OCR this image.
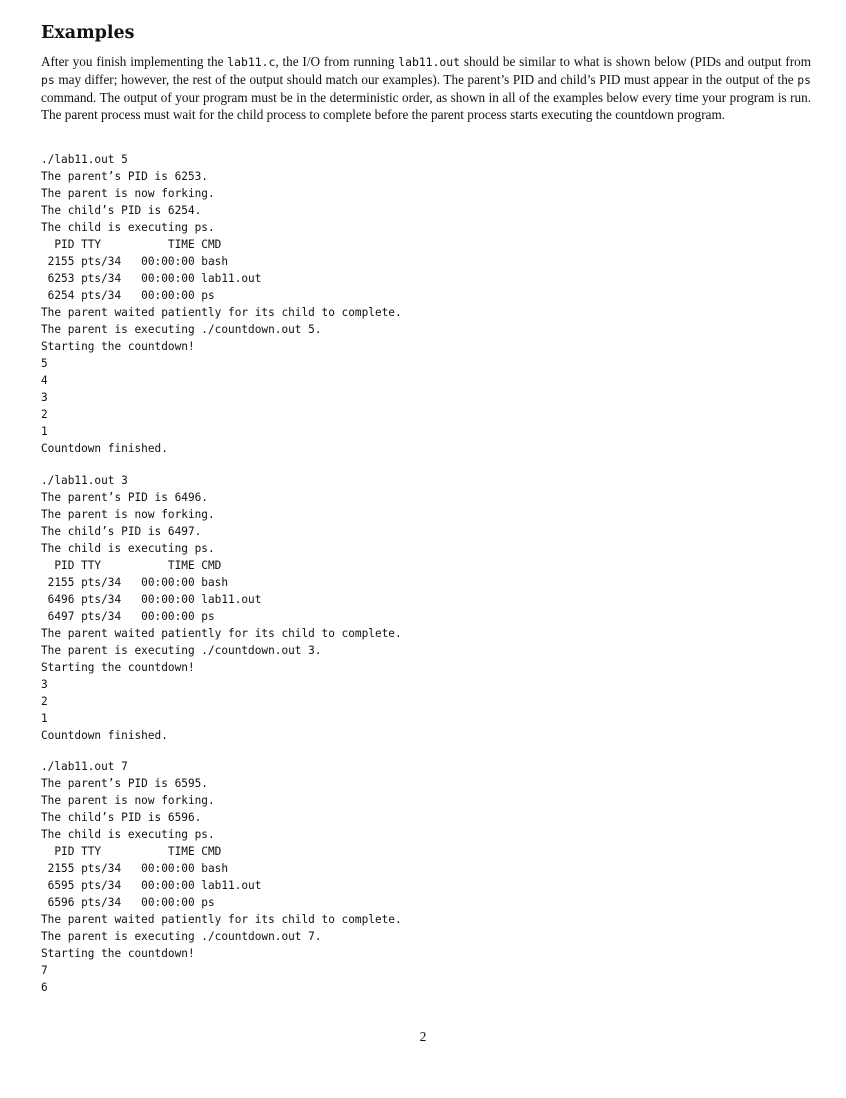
Examples

After you finish implementing the lab11.c, the I/O from running lab11.out should be similar to what is shown below (PIDs and output from ps may differ; however, the rest of the output should match our examples). The parent’s PID and child’s PID must appear in the output of the ps command. The output of your program must be in the deterministic order, as shown in all of the examples below every time your program is run. The parent process must wait for the child process to complete before the parent process starts executing the countdown program.

./lab11.out 5
The parent’s PID is 6253.
The parent is now forking.
The child’s PID is 6254.
The child is executing ps.
PID TTY          TIME CMD
2155 pts/34   00:00:00 bash
6253 pts/34   00:00:00 lab11.out
6254 pts/34   00:00:00 ps
The parent waited patiently for its child to complete.
The parent is executing ./countdown.out 5.
Starting the countdown!
5
4
3
2
1
Countdown finished.
./lab11.out 3
The parent’s PID is 6496.
The parent is now forking.
The child’s PID is 6497.
The child is executing ps.
PID TTY          TIME CMD
2155 pts/34   00:00:00 bash
6496 pts/34   00:00:00 lab11.out
6497 pts/34   00:00:00 ps
The parent waited patiently for its child to complete.
The parent is executing ./countdown.out 3.
Starting the countdown!
3
2
1
Countdown finished.
./lab11.out 7
The parent’s PID is 6595.
The parent is now forking.
The child’s PID is 6596.
The child is executing ps.
PID TTY          TIME CMD
2155 pts/34   00:00:00 bash
6595 pts/34   00:00:00 lab11.out
6596 pts/34   00:00:00 ps
The parent waited patiently for its child to complete.
The parent is executing ./countdown.out 7.
Starting the countdown!
7
6
2
